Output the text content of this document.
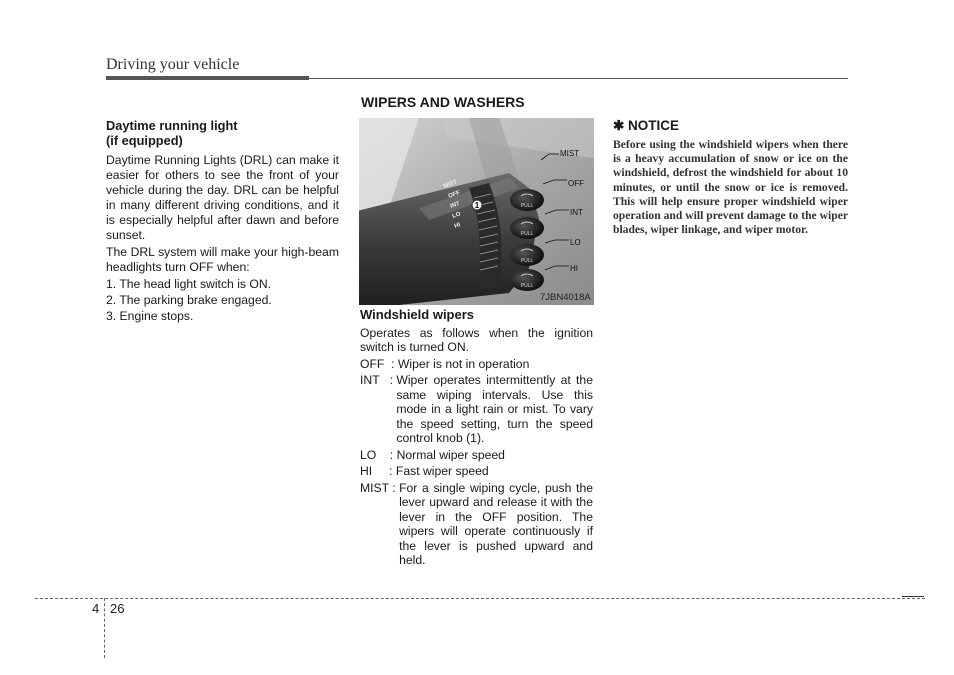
Driving your vehicle
WIPERS AND WASHERS
Daytime running light
(if equipped)

Daytime Running Lights (DRL) can make it easier for others to see the front of your vehicle during the day. DRL can be helpful in many different driving conditions, and it is especially helpful after dawn and before sunset.

The DRL system will make your high-beam headlights turn OFF when:

1. The head light switch is ON.
2. The parking brake engaged.
3. Engine stops.
1
MIST
OFF
INT
LO
HI
PULL
PULL
PULL
PULL
MIST
OFF
INT
LO
HI
7JBN4018A
Windshield wipers

Operates as follows when the ignition switch is turned ON.

OFF  : Wiper is not in operation
INT   : Wiper operates intermittently at the same wiping intervals. Use this mode in a light rain or mist. To vary the speed setting, turn the speed control knob (1).
LO    : Normal wiper speed
HI     : Fast wiper speed
MIST : For a single wiping cycle, push the lever upward and release it with the lever in the OFF position. The wipers will operate continuously if the lever is pushed upward and held.
✱ NOTICE
Before using the windshield wipers when there is a heavy accumulation of snow or ice on the windshield, defrost the windshield for about 10 minutes, or until the snow or ice is removed. This will help ensure proper windshield wiper operation and will prevent damage to the wiper blades, wiper linkage, and wiper motor.
4 26
